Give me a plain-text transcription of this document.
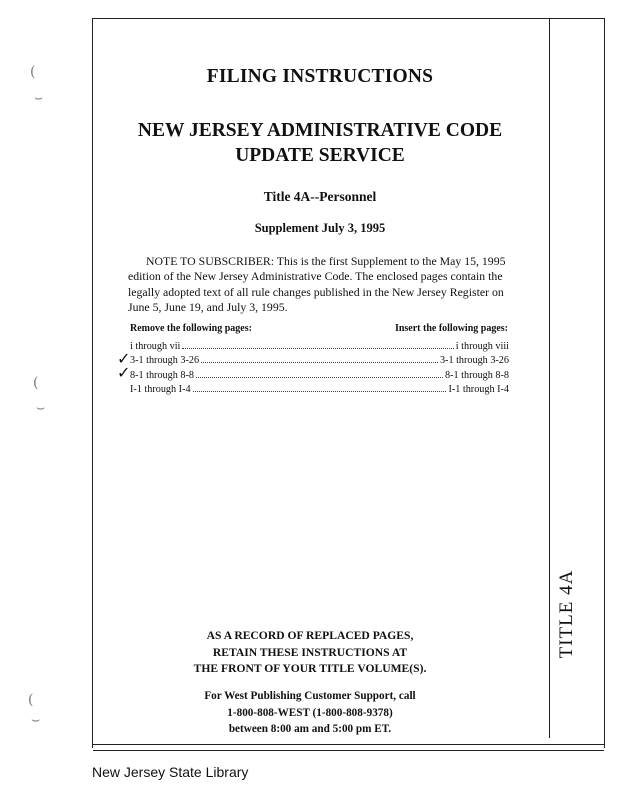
TITLE 4A
FILING INSTRUCTIONS
NEW JERSEY ADMINISTRATIVE CODE
UPDATE SERVICE
Title 4A--Personnel
Supplement July 3, 1995
NOTE TO SUBSCRIBER: This is the first Supplement to the May 15, 1995
edition of the New Jersey Administrative Code. The enclosed pages contain the
legally adopted text of all rule changes published in the New Jersey Register on
June 5, June 19, and July 3, 1995.
Remove the following pages:	Insert the following pages:
i through vii	i through viii
3-1 through 3-26	3-1 through 3-26
8-1 through 8-8	8-1 through 8-8
I-1 through I-4	I-1 through I-4
✓
✓
AS A RECORD OF REPLACED PAGES,
RETAIN THESE INSTRUCTIONS AT
THE FRONT OF YOUR TITLE VOLUME(S).
For West Publishing Customer Support, call
1-800-808-WEST (1-800-808-9378)
between 8:00 am and 5:00 pm ET.
New Jersey State Library
(
⌣
(
⌣
(
⌣
